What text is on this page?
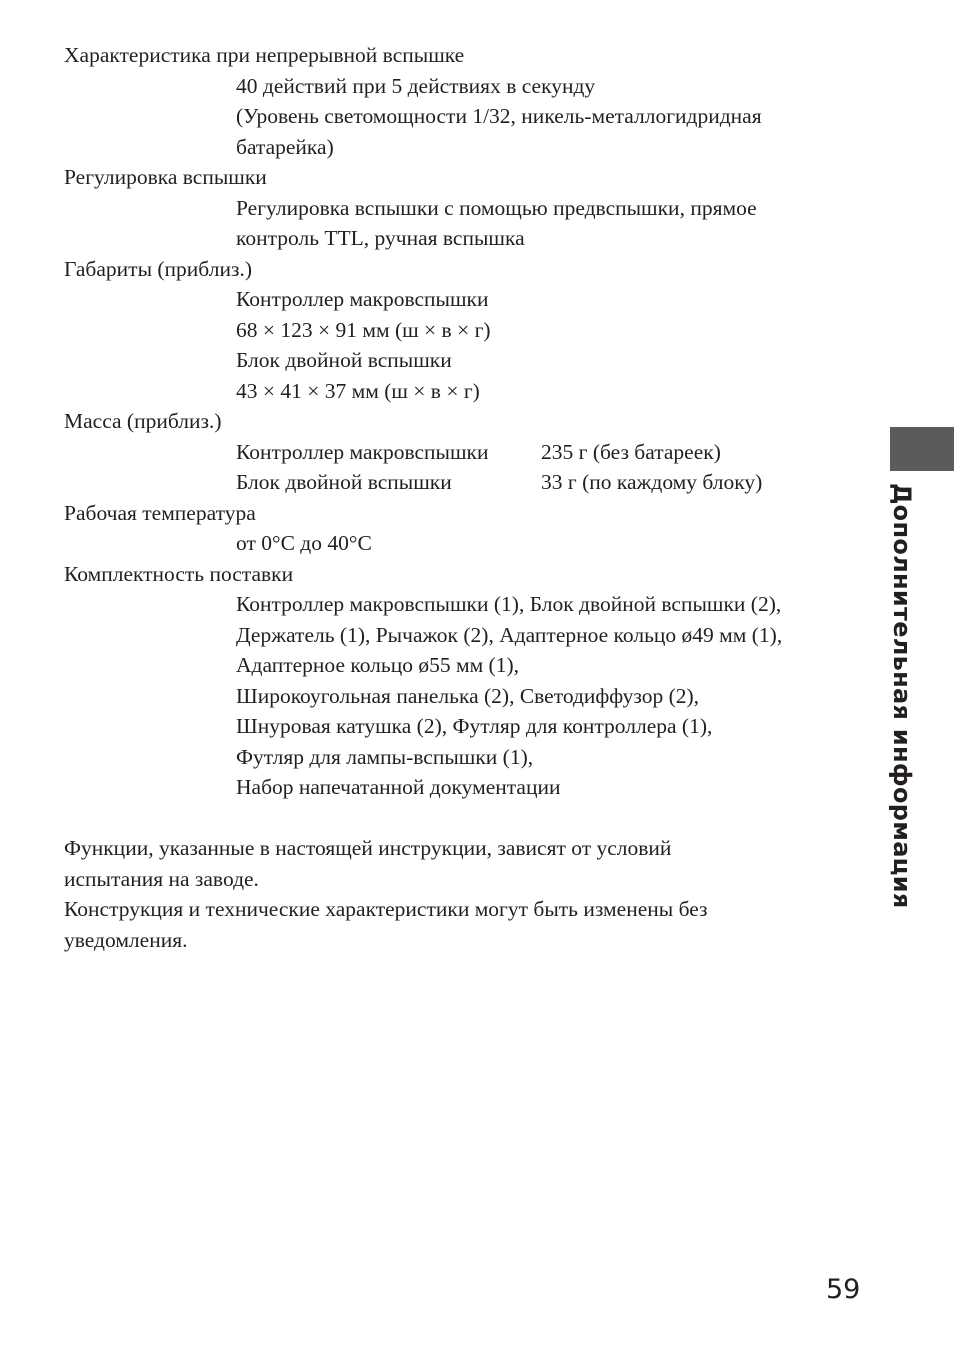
Характеристика при непрерывной вспышке
40 действий при 5 действиях в секунду
(Уровень светомощности 1/32, никель-металлогидридная
батарейка)
Регулировка вспышки
Регулировка вспышки с помощью предвспышки, прямое
контроль TTL, ручная вспышка
Габариты (приблиз.)
Контроллер макровспышки
68 × 123 × 91 мм (ш × в × г)
Блок двойной вспышки
43 × 41 × 37 мм (ш × в × г)
Масса (приблиз.)
Контроллер макровспышки	235 г (без батареек)
Блок двойной вспышки	33 г (по каждому блоку)
Рабочая температура
от 0°C до 40°C
Комплектность поставки
Контроллер макровспышки (1), Блок двойной вспышки (2),
Держатель (1), Рычажок (2), Адаптерное кольцо ø49 мм (1),
Адаптерное кольцо ø55 мм (1),
Широкоугольная панелька (2), Светодиффузор (2),
Шнуровая катушка (2), Футляр для контроллера (1),
Футляр для лампы-вспышки (1),
Набор напечатанной документации
Функции, указанные в настоящей инструкции, зависят от условий
испытания на заводе.
Конструкция и технические характеристики могут быть изменены без
уведомления.
Дополнительная информация
59
